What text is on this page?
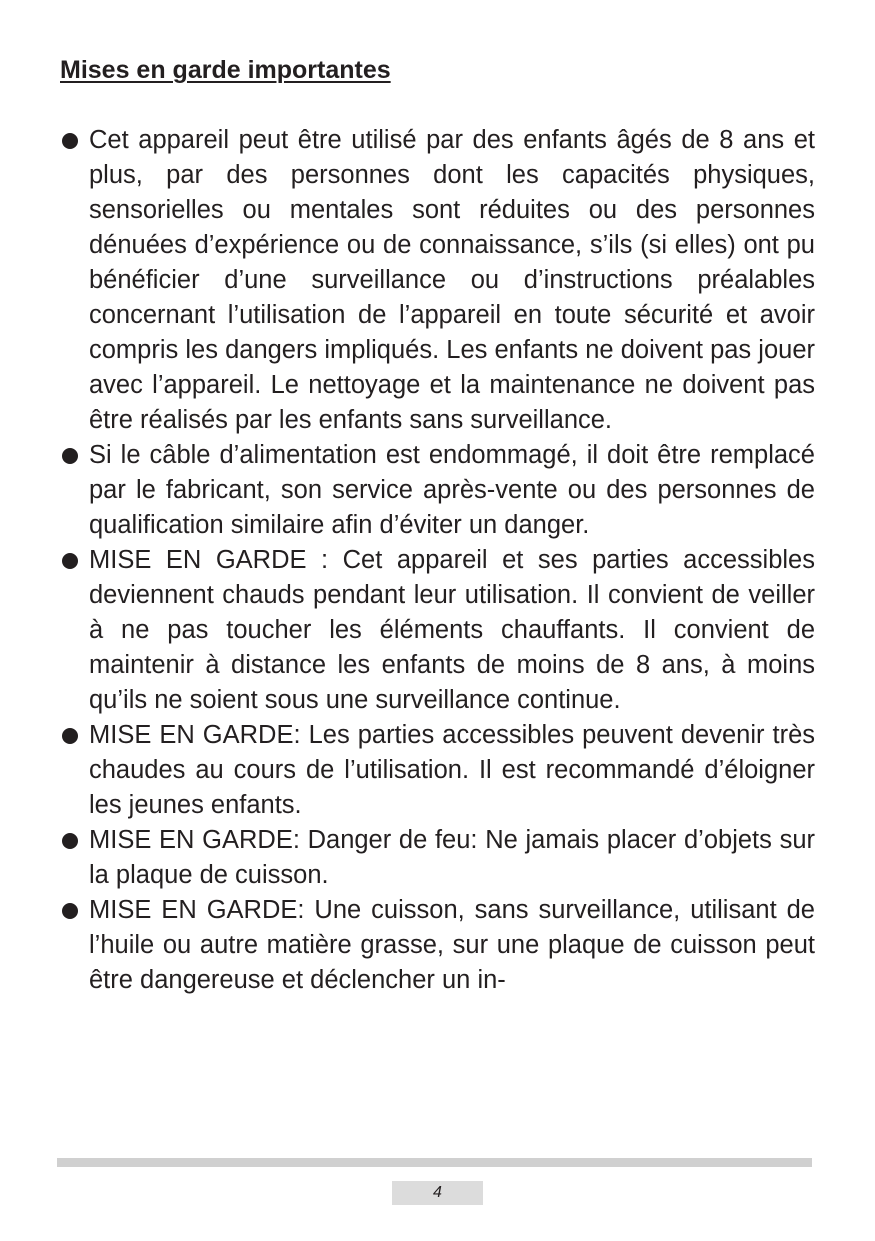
Mises en garde importantes
Cet appareil peut être utilisé par des enfants âgés de 8 ans et plus, par des personnes dont les capacités physiques, sensorielles ou mentales sont réduites ou des personnes dénuées d’expérience ou de connaissance, s’ils (si elles) ont pu bénéficier d’une surveillance ou d’instructions préalables concernant l’utilisation de l’appareil en toute sécurité et avoir compris les dangers impliqués. Les enfants ne doivent pas jouer avec l’appareil. Le nettoyage et la maintenance ne doivent pas être réalisés par les enfants sans surveillance.
Si le câble d’alimentation est endommagé, il doit être remplacé par le fabricant, son service après-vente ou des personnes de qualification similaire afin d’éviter un danger.
MISE EN GARDE : Cet appareil et ses parties accessibles deviennent chauds pendant leur utilisation. Il convient de veiller à ne pas toucher les éléments chauffants. Il convient de maintenir à distance les enfants de moins de 8 ans, à moins qu’ils ne soient sous une surveillance continue.
MISE EN GARDE: Les parties accessibles peuvent devenir très chaudes au cours de l’utilisation. Il est recommandé d’éloigner les jeunes enfants.
MISE EN GARDE: Danger de feu: Ne jamais placer d’objets sur la plaque de cuisson.
MISE EN GARDE: Une cuisson, sans surveillance, utilisant de l’huile ou autre matière grasse, sur une plaque de cuisson peut être dangereuse et déclencher un in-
4
